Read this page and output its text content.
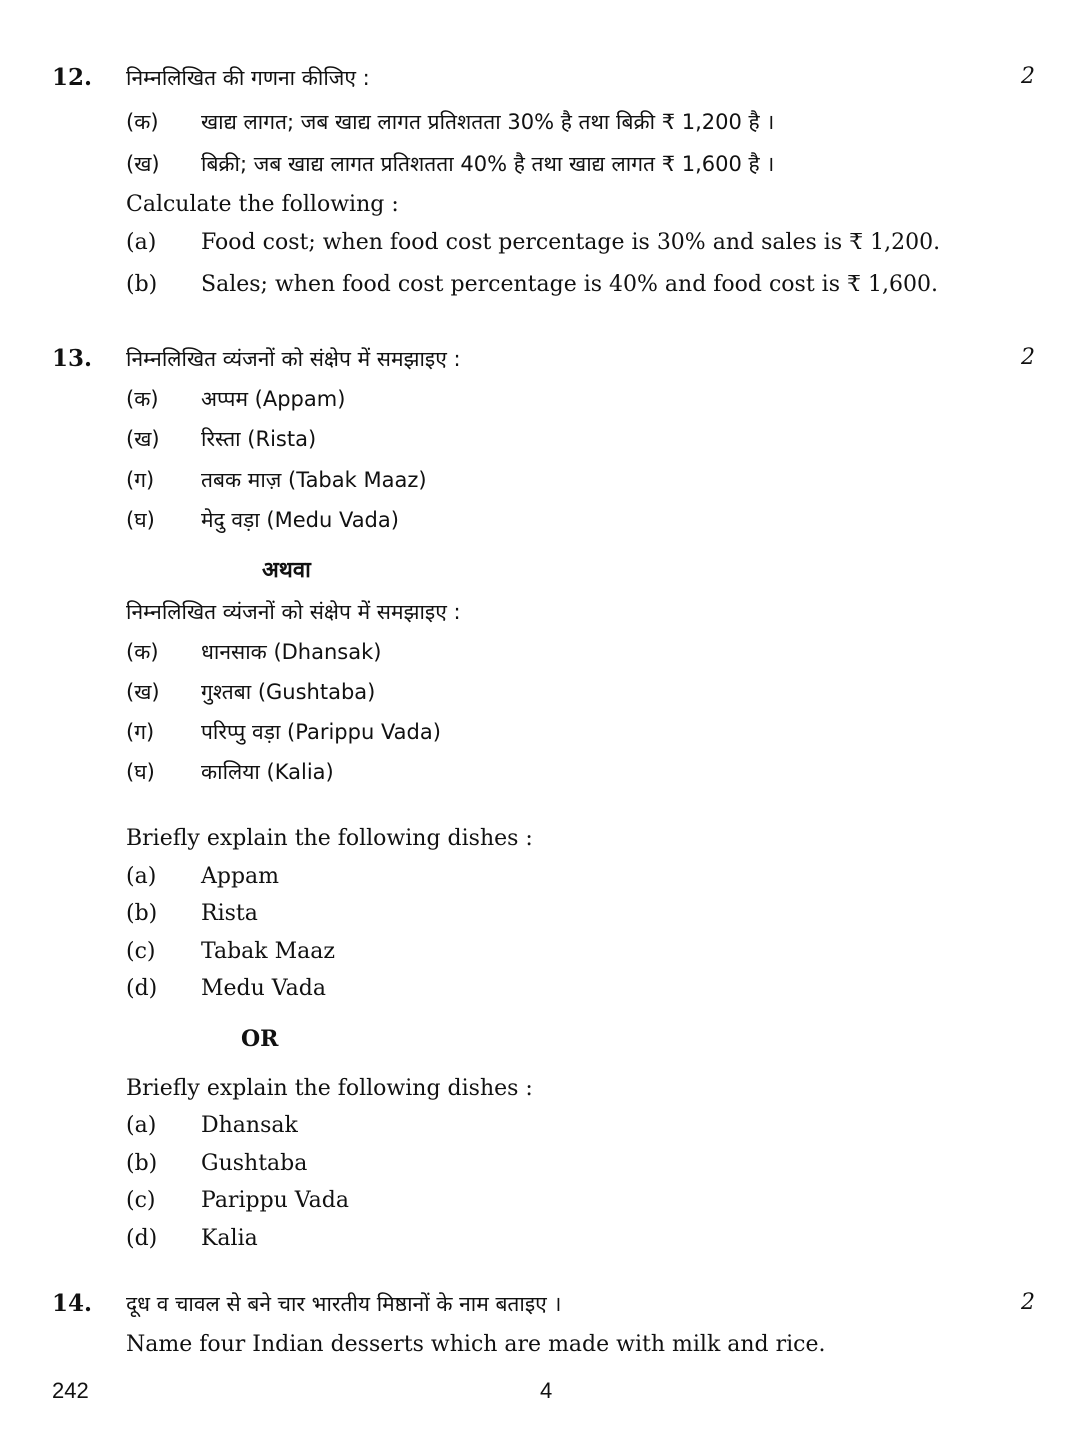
12. निम्नलिखित की गणना कीजिए :	2
(क) खाद्य लागत; जब खाद्य लागत प्रतिशतता 30% है तथा बिक्री ₹ 1,200 है ।
(ख) बिक्री; जब खाद्य लागत प्रतिशतता 40% है तथा खाद्य लागत ₹ 1,600 है ।
Calculate the following :
(a) Food cost; when food cost percentage is 30% and sales is ₹ 1,200.
(b) Sales; when food cost percentage is 40% and food cost is ₹ 1,600.
13. निम्नलिखित व्यंजनों को संक्षेप में समझाइए :	2
(क) अप्पम (Appam)
(ख) रिस्ता (Rista)
(ग) तबक माज़ (Tabak Maaz)
(घ) मेदु वड़ा (Medu Vada)
अथवा
निम्नलिखित व्यंजनों को संक्षेप में समझाइए :
(क) धानसाक (Dhansak)
(ख) गुश्तबा (Gushtaba)
(ग) परिप्पु वड़ा (Parippu Vada)
(घ) कालिया (Kalia)
Briefly explain the following dishes :
(a) Appam
(b) Rista
(c) Tabak Maaz
(d) Medu Vada
OR
Briefly explain the following dishes :
(a) Dhansak
(b) Gushtaba
(c) Parippu Vada
(d) Kalia
14. दूध व चावल से बने चार भारतीय मिष्ठानों के नाम बताइए ।	2
Name four Indian desserts which are made with milk and rice.
242	4
